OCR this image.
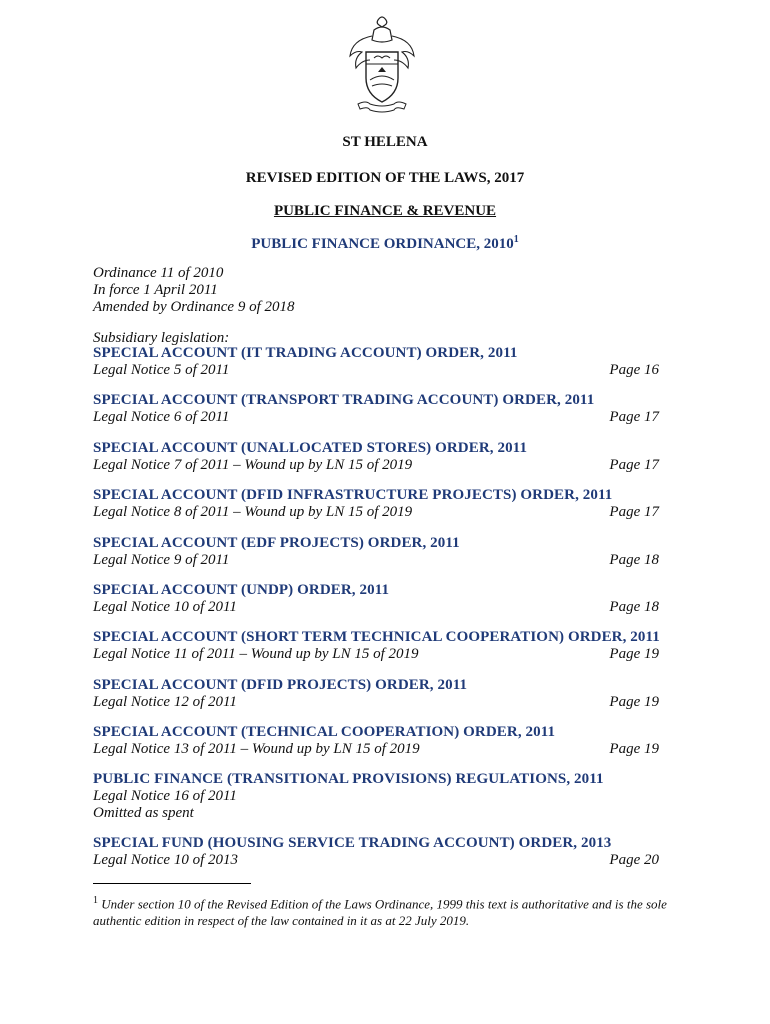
ST HELENA
REVISED EDITION OF THE LAWS, 2017
PUBLIC FINANCE & REVENUE
PUBLIC FINANCE ORDINANCE, 2010$^1$
Ordinance 11 of 2010
In force 1 April 2011
Amended by Ordinance 9 of 2018
Subsidiary legislation:
SPECIAL ACCOUNT (IT TRADING ACCOUNT) ORDER, 2011
Legal Notice 5 of 2011	Page 16
SPECIAL ACCOUNT (TRANSPORT TRADING ACCOUNT) ORDER, 2011
Legal Notice 6 of 2011	Page 17
SPECIAL ACCOUNT (UNALLOCATED STORES) ORDER, 2011
Legal Notice 7 of 2011 – Wound up by LN 15 of 2019	Page 17
SPECIAL ACCOUNT (DFID INFRASTRUCTURE PROJECTS) ORDER, 2011
Legal Notice 8 of 2011 – Wound up by LN 15 of 2019	Page 17
SPECIAL ACCOUNT (EDF PROJECTS) ORDER, 2011
Legal Notice 9 of 2011	Page 18
SPECIAL ACCOUNT (UNDP) ORDER, 2011
Legal Notice 10 of 2011	Page 18
SPECIAL ACCOUNT (SHORT TERM TECHNICAL COOPERATION) ORDER, 2011
Legal Notice 11 of 2011 – Wound up by LN 15 of 2019	Page 19
SPECIAL ACCOUNT (DFID PROJECTS) ORDER, 2011
Legal Notice 12 of 2011	Page 19
SPECIAL ACCOUNT (TECHNICAL COOPERATION) ORDER, 2011
Legal Notice 13 of 2011 – Wound up by LN 15 of 2019	Page 19
PUBLIC FINANCE (TRANSITIONAL PROVISIONS) REGULATIONS, 2011
Legal Notice 16 of 2011
Omitted as spent
SPECIAL FUND (HOUSING SERVICE TRADING ACCOUNT) ORDER, 2013
Legal Notice 10 of 2013	Page 20
$^1$ Under section 10 of the Revised Edition of the Laws Ordinance, 1999 this text is authoritative and is the sole authentic edition in respect of the law contained in it as at 22 July 2019.
